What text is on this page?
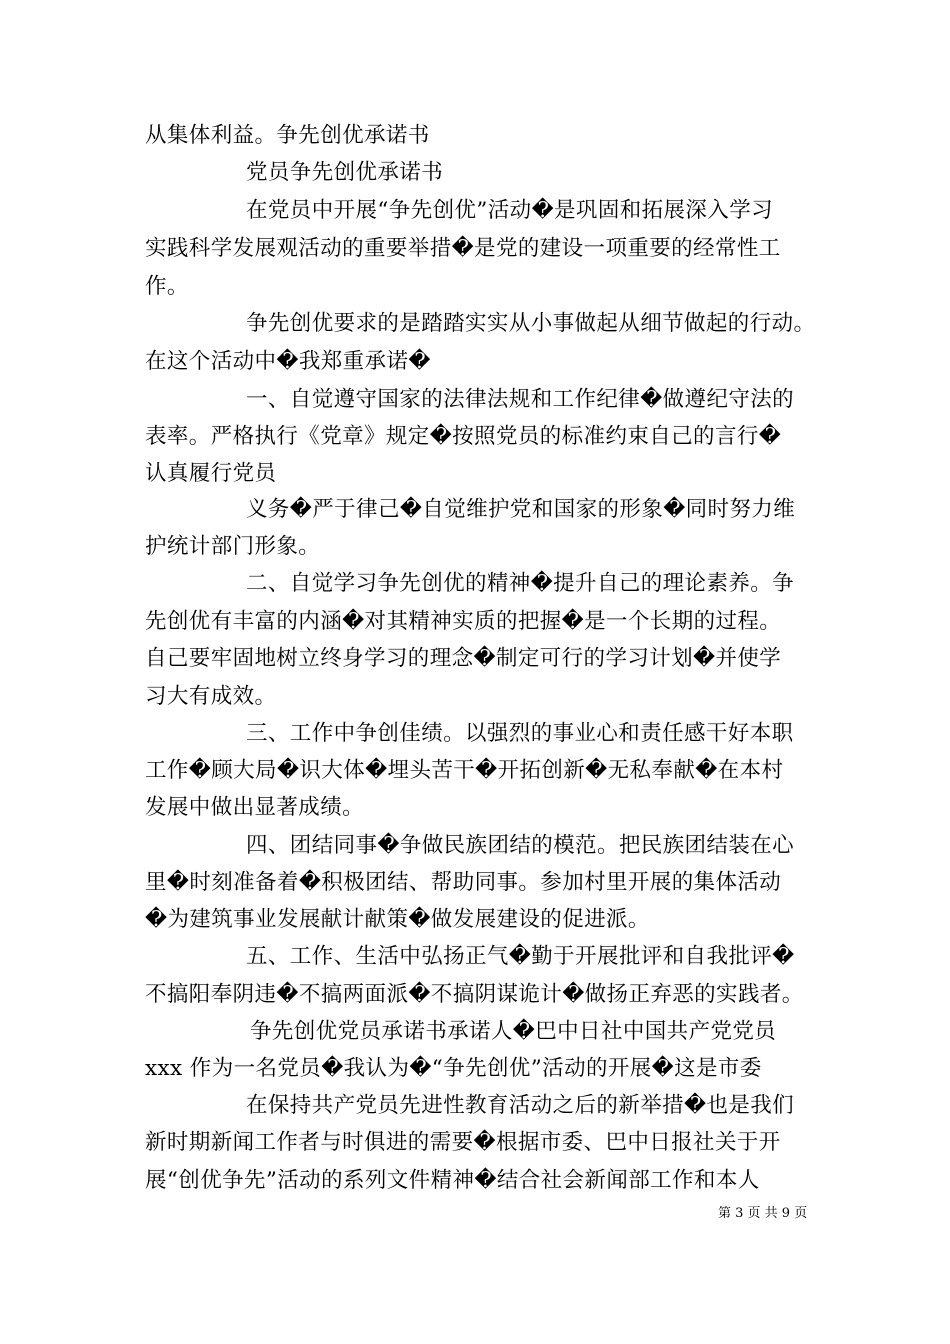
从集体利益。争先创优承诺书
党员争先创优承诺书
在党员中开展“争先创优”活动�是巩固和拓展深入学习
实践科学发展观活动的重要举措�是党的建设一项重要的经常性工
作。
争先创优要求的是踏踏实实从小事做起从细节做起的行动。
在这个活动中�我郑重承诺�
一、自觉遵守国家的法律法规和工作纪律�做遵纪守法的
表率。严格执行《党章》规定�按照党员的标准约束自己的言行�
认真履行党员
义务�严于律己�自觉维护党和国家的形象�同时努力维
护统计部门形象。
二、自觉学习争先创优的精神�提升自己的理论素养。争
先创优有丰富的内涵�对其精神实质的把握�是一个长期的过程。
自己要牢固地树立终身学习的理念�制定可行的学习计划�并使学
习大有成效。
三、工作中争创佳绩。以强烈的事业心和责任感干好本职
工作�顾大局�识大体�埋头苦干�开拓创新�无私奉献�在本村
发展中做出显著成绩。
四、团结同事�争做民族团结的模范。把民族团结装在心
里�时刻准备着�积极团结、帮助同事。参加村里开展的集体活动
�为建筑事业发展献计献策�做发展建设的促进派。
五、工作、生活中弘扬正气�勤于开展批评和自我批评�
不搞阳奉阴违�不搞两面派�不搞阴谋诡计�做扬正弃恶的实践者。
争先创优党员承诺书承诺人�巴中日社中国共产党党员
xxx 作为一名党员�我认为�“争先创优”活动的开展�这是市委
在保持共产党员先进性教育活动之后的新举措�也是我们
新时期新闻工作者与时俱进的需要�根据市委、巴中日报社关于开
展“创优争先”活动的系列文件精神�结合社会新闻部工作和本人
第 3 页 共 9 页
